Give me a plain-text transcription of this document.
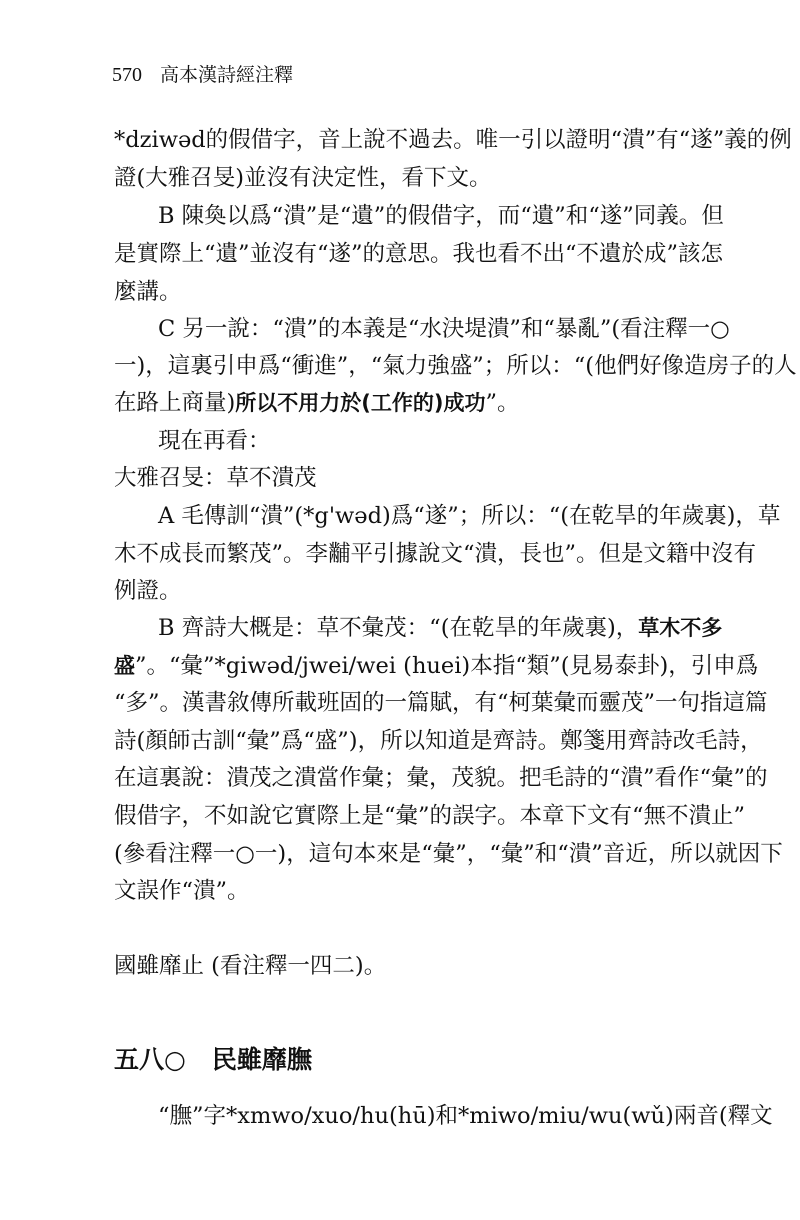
570 高本漢詩經注釋
*dziwəd的假借字，音上說不過去。唯一引以證明“潰”有“遂”義的例
證(大雅召旻)並沒有決定性，看下文。
B 陳奐以爲“潰”是“遺”的假借字，而“遺”和“遂”同義。但
是實際上“遺”並沒有“遂”的意思。我也看不出“不遺於成”該怎
麼講。
C 另一說：“潰”的本義是“水決堤潰”和“暴亂”(看注釋一○
一)，這裏引申爲“衝進”，“氣力強盛”；所以：“(他們好像造房子的人
在路上商量)所以不用力於(工作的)成功”。
現在再看：
大雅召旻：草不潰茂
A 毛傳訓“潰”(*g'wəd)爲“遂”；所以：“(在乾旱的年歲裏)，草
木不成長而繁茂”。李黼平引據說文“潰，長也”。但是文籍中沒有
例證。
B 齊詩大概是：草不彙茂：“(在乾旱的年歲裏)，草木不多
盛”。“彙”*giwəd/jwei/wei (huei)本指“類”(見易泰卦)，引申爲
“多”。漢書敘傳所載班固的一篇賦，有“柯葉彙而靈茂”一句指這篇
詩(顏師古訓“彙”爲“盛”)，所以知道是齊詩。鄭箋用齊詩改毛詩，
在這裏說：潰茂之潰當作彙；彙，茂貌。把毛詩的“潰”看作“彙”的
假借字，不如說它實際上是“彙”的誤字。本章下文有“無不潰止”
(參看注釋一○一)，這句本來是“彙”，“彙”和“潰”音近，所以就因下
文誤作“潰”。
國雖靡止 (看注釋一四二)。
五八○ 民雖靡膴
“膴”字*xmwo/xuo/hu(hū)和*miwo/miu/wu(wǔ)兩音(釋文
